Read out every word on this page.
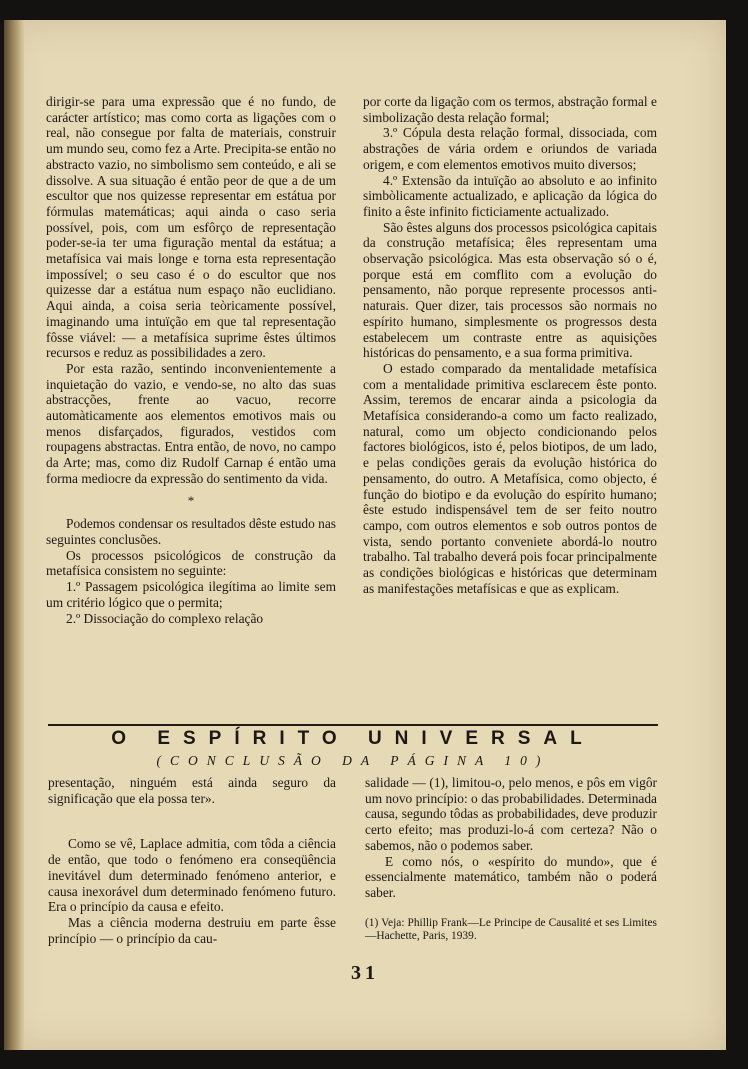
dirigir-se para uma expressão que é no fundo, de carácter artístico; mas como corta as ligações com o real, não consegue por falta de materiais, construir um mundo seu, como fez a Arte. Precipita-se então no abstracto vazio, no simbolismo sem conteúdo, e ali se dissolve. A sua situação é então peor de que a de um escultor que nos quizesse representar em estátua por fórmulas matemáticas; aqui ainda o caso seria possível, pois, com um esfôrço de representação poder-se-ia ter uma figuração mental da estátua; a metafísica vai mais longe e torna esta representação impossível; o seu caso é o do escultor que nos quizesse dar a estátua num espaço não euclidiano. Aqui ainda, a coisa seria teòricamente possível, imaginando uma intuïção em que tal representação fôsse viável: — a metafísica suprime êstes últimos recursos e reduz as possibilidades a zero.

Por esta razão, sentindo inconvenientemente a inquietação do vazio, e vendo-se, no alto das suas abstracções, frente ao vacuo, recorre automàticamente aos elementos emotivos mais ou menos disfarçados, figurados, vestidos com roupagens abstractas. Entra então, de novo, no campo da Arte; mas, como diz Rudolf Carnap é então uma forma mediocre da expressão do sentimento da vida.

*

Podemos condensar os resultados dêste estudo nas seguintes conclusões.

Os processos psicológicos de construção da metafísica consistem no seguinte:

1.º Passagem psicológica ilegítima ao limite sem um critério lógico que o permita;

2.º Dissociação do complexo relação

por corte da ligação com os termos, abstração formal e simbolização desta relação formal;

3.º Cópula desta relação formal, dissociada, com abstrações de vária ordem e oriundos de variada origem, e com elementos emotivos muito diversos;

4.º Extensão da intuïção ao absoluto e ao infinito simbòlicamente actualizado, e aplicação da lógica do finito a êste infinito ficticiamente actualizado.

São êstes alguns dos processos psicológica capitais da construção metafísica; êles representam uma observação psicológica. Mas esta observação só o é, porque está em comflito com a evolução do pensamento, não porque represente processos anti-naturais. Quer dizer, tais processos são normais no espírito humano, simplesmente os progressos desta estabelecem um contraste entre as aquisições históricas do pensamento, e a sua forma primitiva.

O estado comparado da mentalidade metafísica com a mentalidade primitiva esclarecem êste ponto. Assim, teremos de encarar ainda a psicologia da Metafísica considerando-a como um facto realizado, natural, como um objecto condicionando pelos factores biológicos, isto é, pelos biotipos, de um lado, e pelas condições gerais da evolução histórica do pensamento, do outro. A Metafísica, como objecto, é função do biotipo e da evolução do espírito humano; êste estudo indispensável tem de ser feito noutro campo, com outros elementos e sob outros pontos de vista, sendo portanto conveniete abordá-lo noutro trabalho. Tal trabalho deverá pois focar principalmente as condições biológicas e históricas que determinam as manifestações metafísicas e que as explicam.

O ESPÍRITO UNIVERSAL
(CONCLUSÃO DA PÁGINA 10)

presentação, ninguém está ainda seguro da significação que ela possa ter».

Como se vê, Laplace admitia, com tôda a ciência de então, que todo o fenómeno era conseqüência inevitável dum determinado fenómeno anterior, e causa inexorável dum determinado fenómeno futuro. Era o princípio da causa e efeito.

Mas a ciência moderna destruiu em parte êsse princípio — o princípio da cau-

salidade — (1), limitou-o, pelo menos, e pôs em vigôr um novo princípio: o das probabilidades. Determinada causa, segundo tôdas as probabilidades, deve produzir certo efeito; mas produzi-lo-á com certeza? Não o sabemos, não o podemos saber.

E como nós, o «espírito do mundo», que é essencialmente matemático, também não o poderá saber.

(1) Veja: Phillip Frank—Le Principe de Causalité et ses Limites—Hachette, Paris, 1939.

31
